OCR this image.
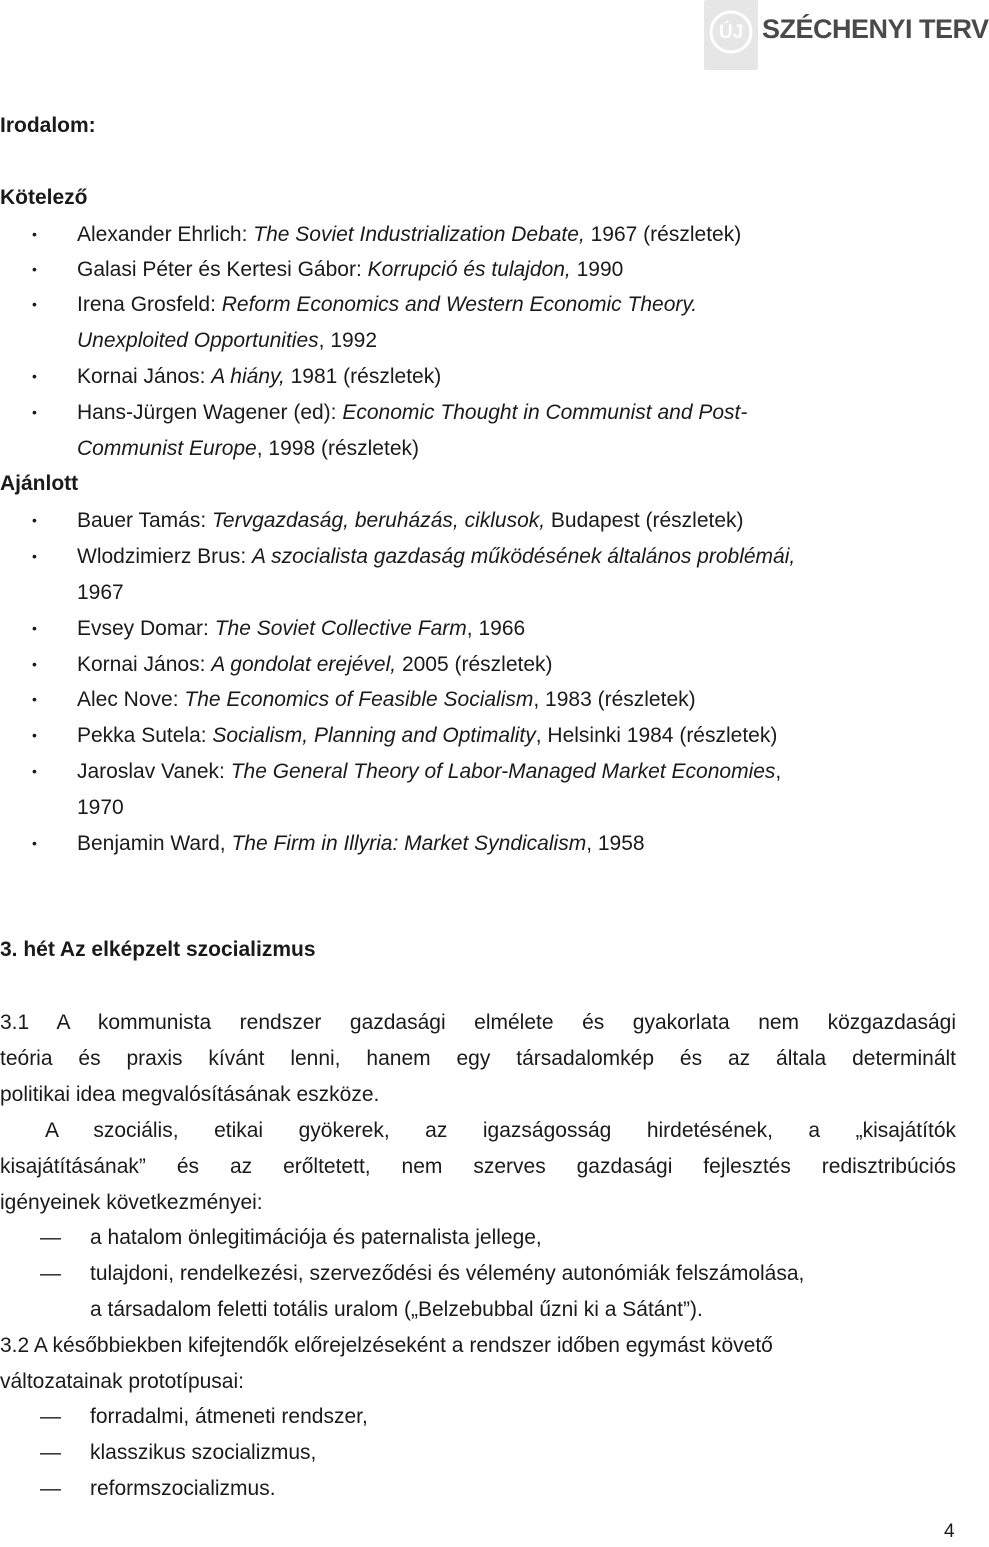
ÚJ SZÉCHENYI TERV
Irodalom:
Kötelező
• Alexander Ehrlich: The Soviet Industrialization Debate, 1967 (részletek)
• Galasi Péter és Kertesi Gábor: Korrupció és tulajdon, 1990
• Irena Grosfeld: Reform Economics and Western Economic Theory.
Unexploited Opportunities, 1992
• Kornai János: A hiány, 1981 (részletek)
• Hans-Jürgen Wagener (ed): Economic Thought in Communist and Post-
Communist Europe, 1998 (részletek)
Ajánlott
• Bauer Tamás: Tervgazdaság, beruházás, ciklusok, Budapest (részletek)
• Wlodzimierz Brus: A szocialista gazdaság működésének általános problémái,
1967
• Evsey Domar: The Soviet Collective Farm, 1966
• Kornai János: A gondolat erejével, 2005 (részletek)
• Alec Nove: The Economics of Feasible Socialism, 1983 (részletek)
• Pekka Sutela: Socialism, Planning and Optimality, Helsinki 1984 (részletek)
• Jaroslav Vanek: The General Theory of Labor-Managed Market Economies,
1970
• Benjamin Ward, The Firm in Illyria: Market Syndicalism, 1958
3. hét Az elképzelt szocializmus
3.1 A kommunista rendszer gazdasági elmélete és gyakorlata nem közgazdasági
teória és praxis kívánt lenni, hanem egy társadalomkép és az általa determinált
politikai idea megvalósításának eszköze.
A szociális, etikai gyökerek, az igazságosság hirdetésének, a „kisajátítók
kisajátításának” és az erőltetett, nem szerves gazdasági fejlesztés redisztribúciós
igényeinek következményei:
— a hatalom önlegitimációja és paternalista jellege,
— tulajdoni, rendelkezési, szerveződési és vélemény autonómiák felszámolása,
a társadalom feletti totális uralom („Belzebubbal űzni ki a Sátánt”).
3.2 A későbbiekben kifejtendők előrejelzéseként a rendszer időben egymást követő
változatainak prototípusai:
— forradalmi, átmeneti rendszer,
— klasszikus szocializmus,
— reformszocializmus.
4
